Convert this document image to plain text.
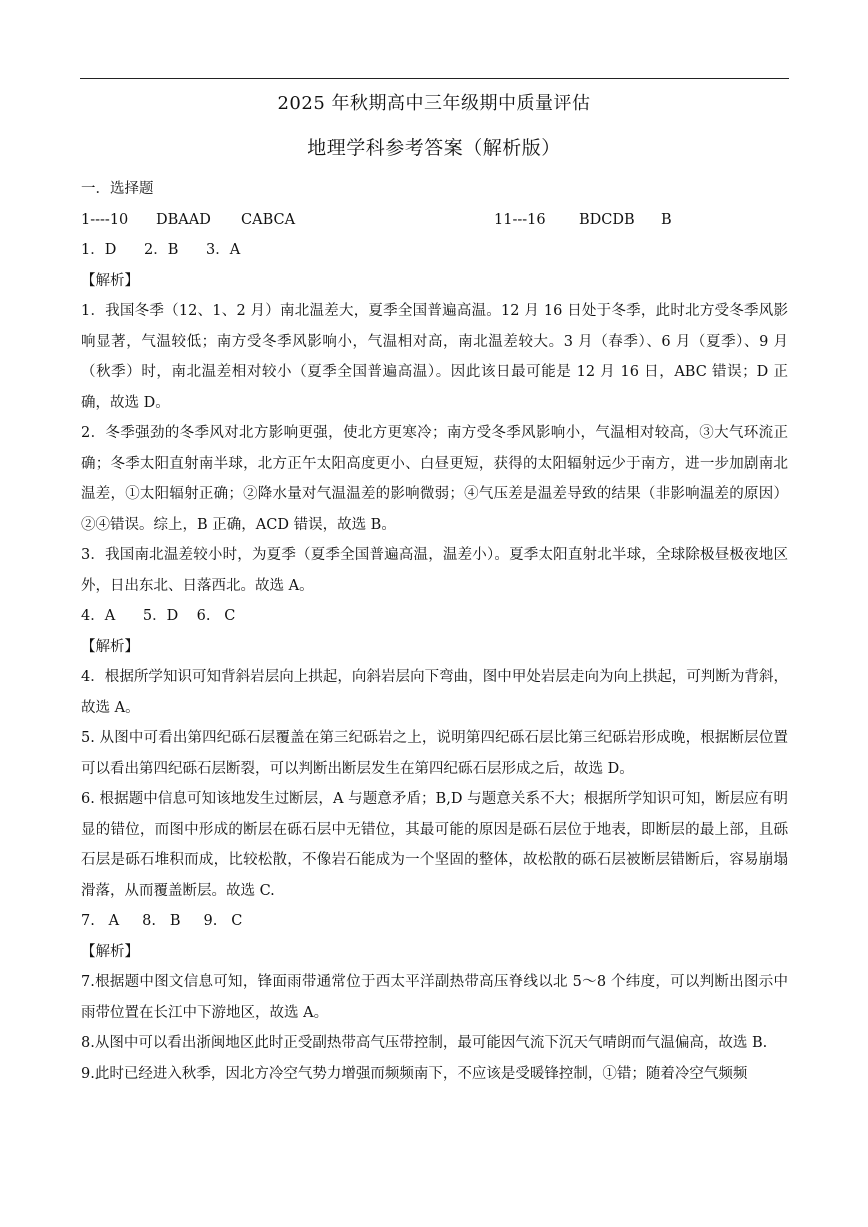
2025 年秋期高中三年级期中质量评估
地理学科参考答案（解析版）

一．选择题

1----10	DBAAD	CABCA	11---16	BDCDB	B

1．D      2．B      3．A

【解析】

1．我国冬季（12、1、2 月）南北温差大，夏季全国普遍高温。12 月 16 日处于冬季，此时北方受冬季风影响显著，气温较低；南方受冬季风影响小，气温相对高，南北温差较大。3 月（春季）、6 月（夏季）、9 月（秋季）时，南北温差相对较小（夏季全国普遍高温）。因此该日最可能是 12 月 16 日，ABC 错误；D 正确，故选 D。

2．冬季强劲的冬季风对北方影响更强，使北方更寒冷；南方受冬季风影响小，气温相对较高，③大气环流正确；冬季太阳直射南半球，北方正午太阳高度更小、白昼更短，获得的太阳辐射远少于南方，进一步加剧南北温差，①太阳辐射正确；②降水量对气温温差的影响微弱；④气压差是温差导致的结果（非影响温差的原因）②④错误。综上，B 正确，ACD 错误，故选 B。

3．我国南北温差较小时，为夏季（夏季全国普遍高温，温差小）。夏季太阳直射北半球，全球除极昼极夜地区外，日出东北、日落西北。故选 A。

4．A      5．D    6.   C

【解析】

4．根据所学知识可知背斜岩层向上拱起，向斜岩层向下弯曲，图中甲处岩层走向为向上拱起，可判断为背斜，故选 A。

5. 从图中可看出第四纪砾石层覆盖在第三纪砾岩之上，说明第四纪砾石层比第三纪砾岩形成晚，根据断层位置可以看出第四纪砾石层断裂，可以判断出断层发生在第四纪砾石层形成之后，故选 D。

6. 根据题中信息可知该地发生过断层，A 与题意矛盾；B,D 与题意关系不大；根据所学知识可知，断层应有明显的错位，而图中形成的断层在砾石层中无错位，其最可能的原因是砾石层位于地表，即断层的最上部，且砾石层是砾石堆积而成，比较松散，不像岩石能成为一个坚固的整体，故松散的砾石层被断层错断后，容易崩塌滑落，从而覆盖断层。故选 C.

7.   A     8.   B     9.   C

【解析】

7.根据题中图文信息可知，锋面雨带通常位于西太平洋副热带高压脊线以北 5～8 个纬度，可以判断出图示中雨带位置在长江中下游地区，故选 A。

8.从图中可以看出浙闽地区此时正受副热带高气压带控制，最可能因气流下沉天气晴朗而气温偏高，故选 B.

9.此时已经进入秋季，因北方冷空气势力增强而频频南下，不应该是受暖锋控制，①错；随着冷空气频频
